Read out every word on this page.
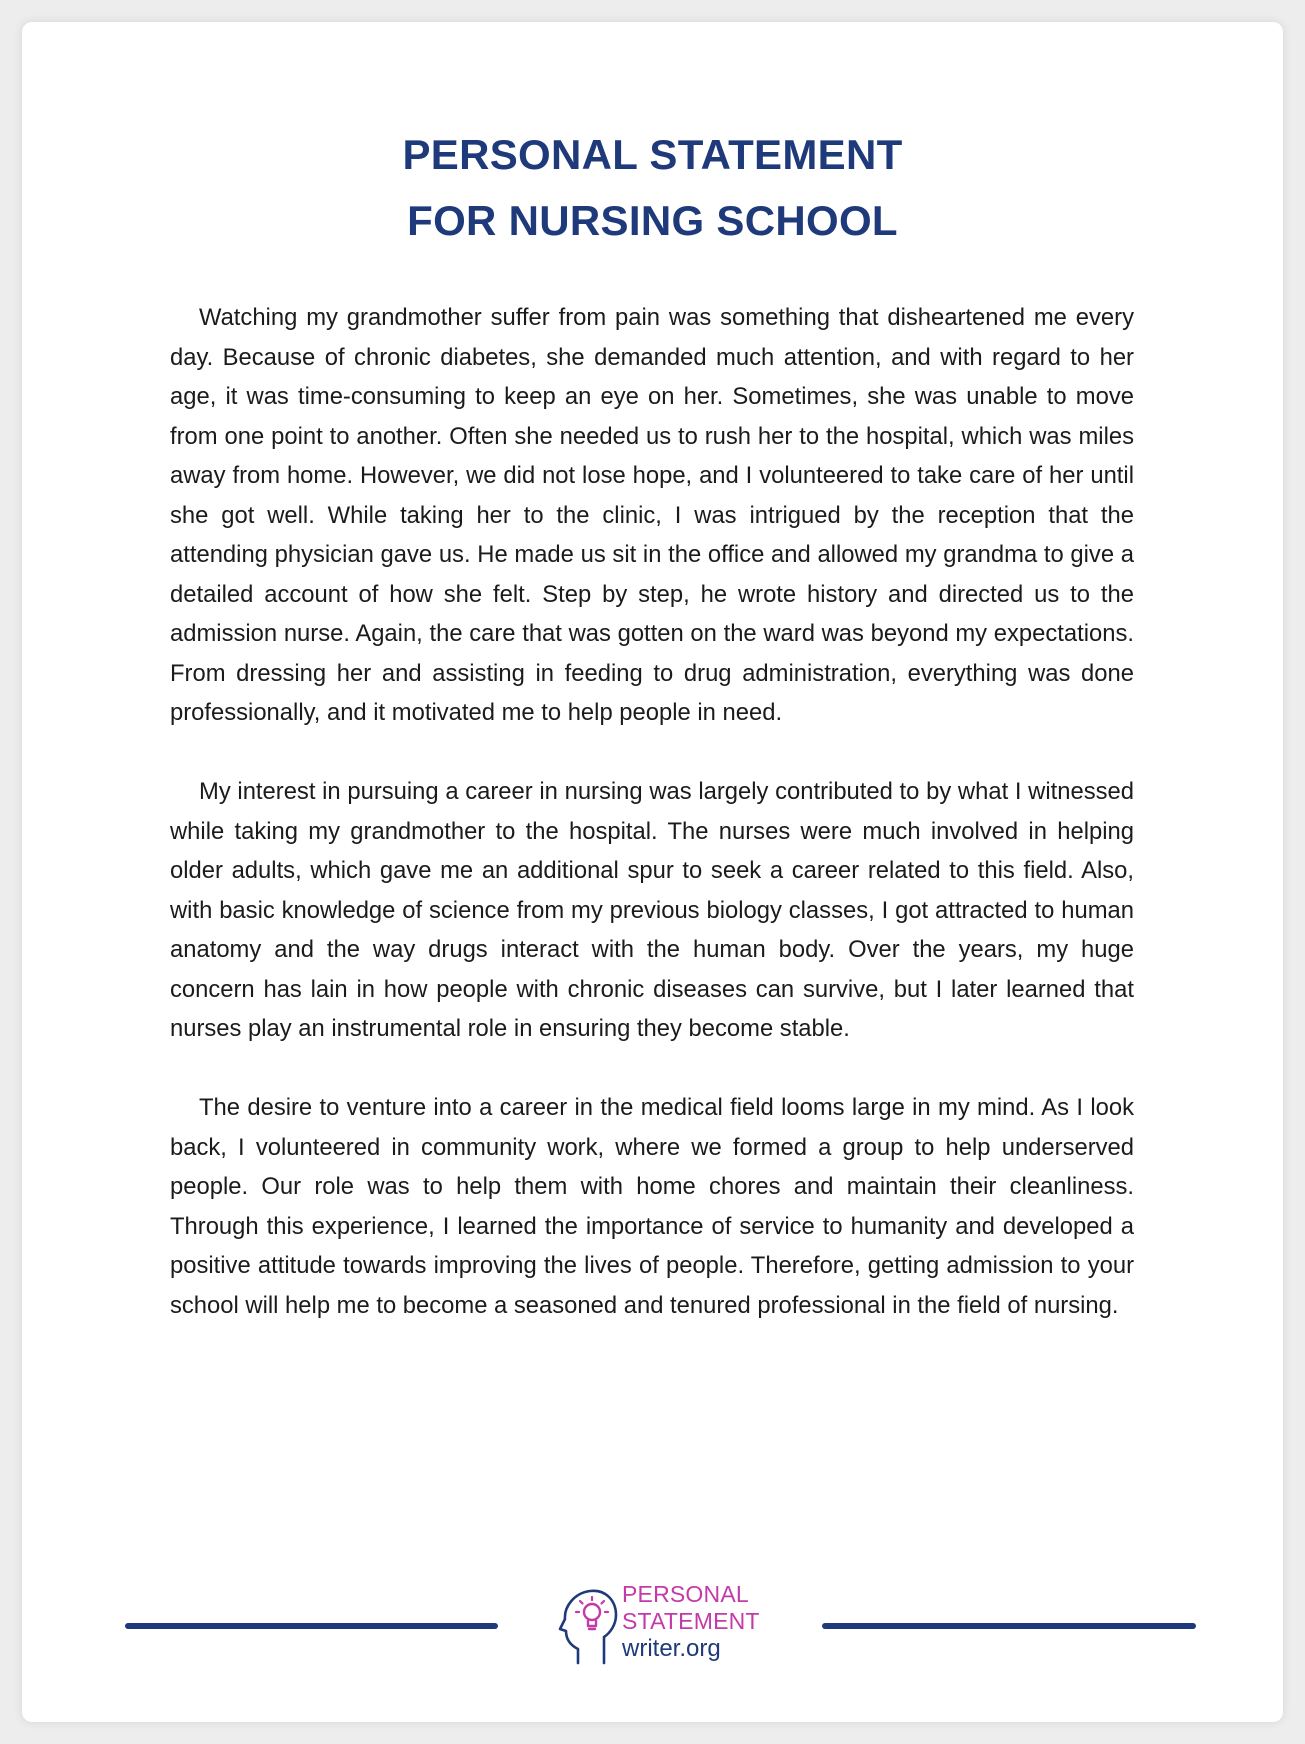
PERSONAL STATEMENT
FOR NURSING SCHOOL

Watching my grandmother suffer from pain was something that disheartened me every day. Because of chronic diabetes, she demanded much attention, and with regard to her age, it was time-consuming to keep an eye on her. Sometimes, she was unable to move from one point to another. Often she needed us to rush her to the hospital, which was miles away from home. However, we did not lose hope, and I volunteered to take care of her until she got well. While taking her to the clinic, I was intrigued by the reception that the attending physician gave us. He made us sit in the office and allowed my grandma to give a detailed account of how she felt. Step by step, he wrote history and directed us to the admission nurse. Again, the care that was gotten on the ward was beyond my expectations. From dressing her and assisting in feeding to drug administration, everything was done professionally, and it motivated me to help people in need.

My interest in pursuing a career in nursing was largely contributed to by what I witnessed while taking my grandmother to the hospital. The nurses were much involved in helping older adults, which gave me an additional spur to seek a career related to this field. Also, with basic knowledge of science from my previous biology classes, I got attracted to human anatomy and the way drugs interact with the human body. Over the years, my huge concern has lain in how people with chronic diseases can survive, but I later learned that nurses play an instrumental role in ensuring they become stable.

The desire to venture into a career in the medical field looms large in my mind. As I look back, I volunteered in community work, where we formed a group to help underserved people. Our role was to help them with home chores and maintain their cleanliness. Through this experience, I learned the importance of service to humanity and developed a positive attitude towards improving the lives of people. Therefore, getting admission to your school will help me to become a seasoned and tenured professional in the field of nursing.

PERSONAL
STATEMENT
writer.org
